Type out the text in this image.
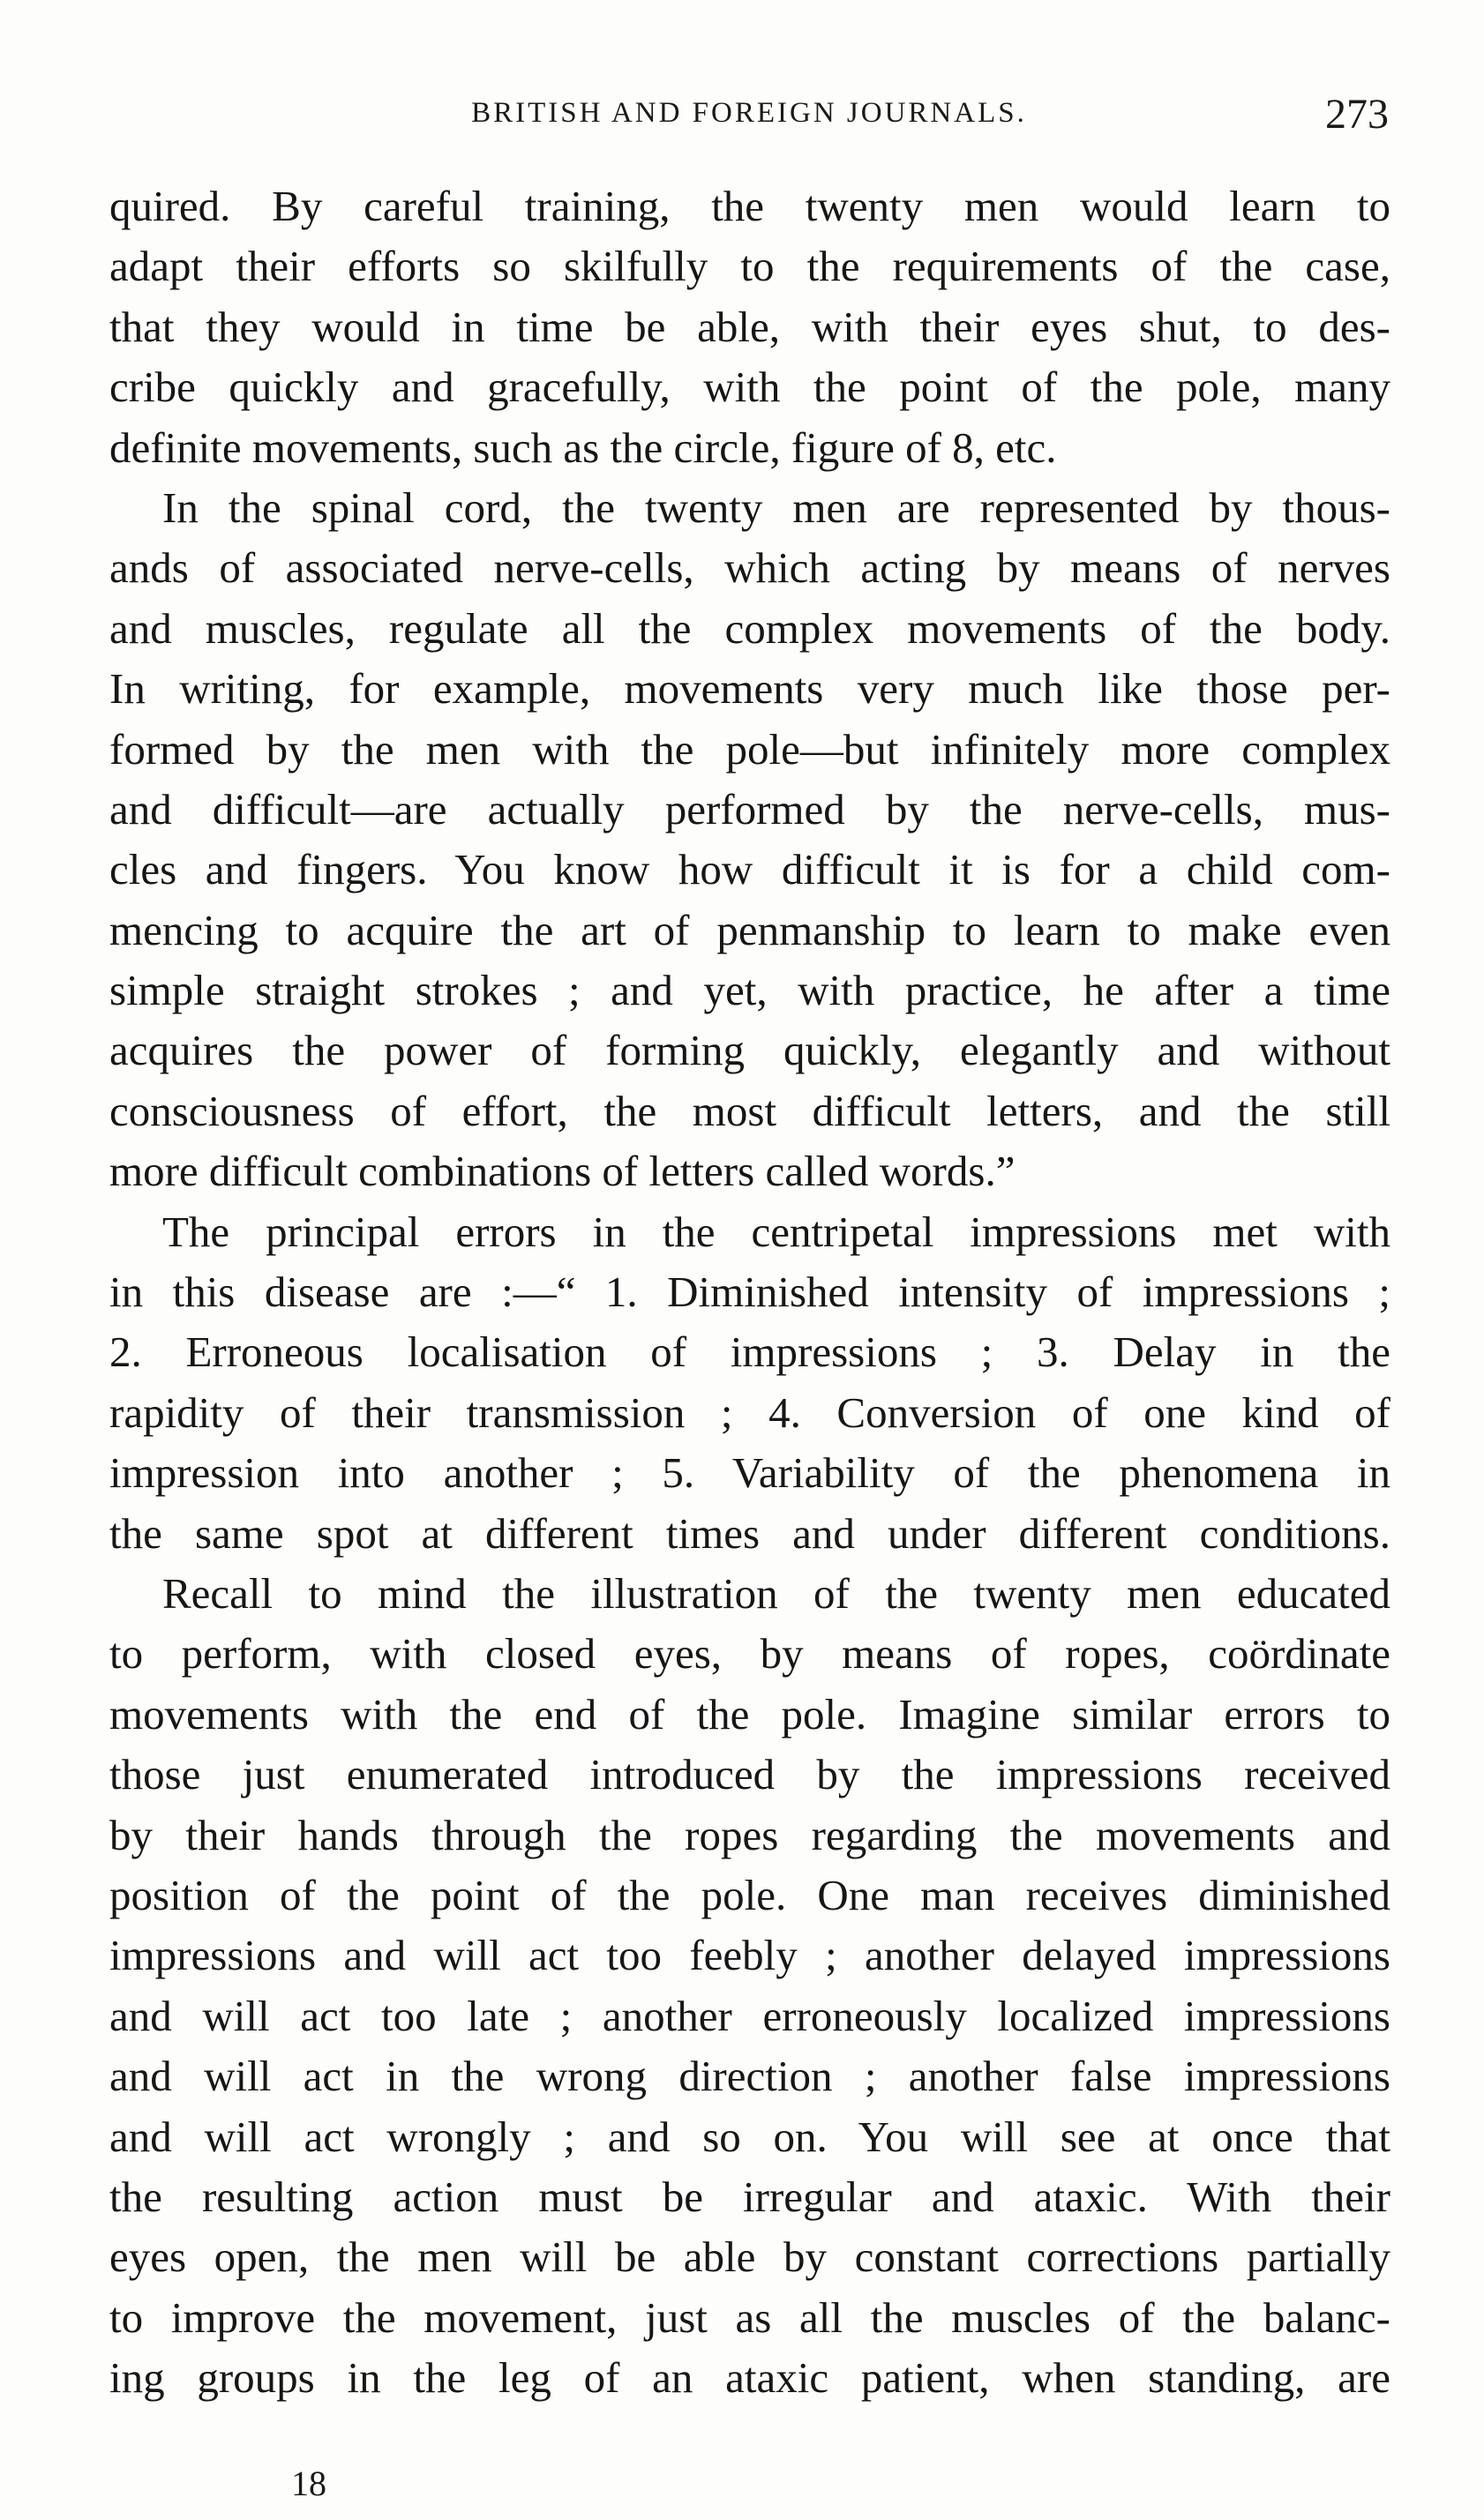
BRITISH AND FOREIGN JOURNALS.	273
quired. By careful training, the twenty men would learn to
adapt their efforts so skilfully to the requirements of the case,
that they would in time be able, with their eyes shut, to des-
cribe quickly and gracefully, with the point of the pole, many
definite movements, such as the circle, figure of 8, etc.
In the spinal cord, the twenty men are represented by thous-
ands of associated nerve-cells, which acting by means of nerves
and muscles, regulate all the complex movements of the body.
In writing, for example, movements very much like those per-
formed by the men with the pole—but infinitely more complex
and difficult—are actually performed by the nerve-cells, mus-
cles and fingers. You know how difficult it is for a child com-
mencing to acquire the art of penmanship to learn to make even
simple straight strokes ; and yet, with practice, he after a time
acquires the power of forming quickly, elegantly and without
consciousness of effort, the most difficult letters, and the still
more difficult combinations of letters called words.”
The principal errors in the centripetal impressions met with
in this disease are :—“ 1. Diminished intensity of impressions ;
2. Erroneous localisation of impressions ; 3. Delay in the
rapidity of their transmission ; 4. Conversion of one kind of
impression into another ; 5. Variability of the phenomena in
the same spot at different times and under different conditions.
Recall to mind the illustration of the twenty men educated
to perform, with closed eyes, by means of ropes, coördinate
movements with the end of the pole. Imagine similar errors to
those just enumerated introduced by the impressions received
by their hands through the ropes regarding the movements and
position of the point of the pole. One man receives diminished
impressions and will act too feebly ; another delayed impressions
and will act too late ; another erroneously localized impressions
and will act in the wrong direction ; another false impressions
and will act wrongly ; and so on. You will see at once that
the resulting action must be irregular and ataxic. With their
eyes open, the men will be able by constant corrections partially
to improve the movement, just as all the muscles of the balanc-
ing groups in the leg of an ataxic patient, when standing, are
18
